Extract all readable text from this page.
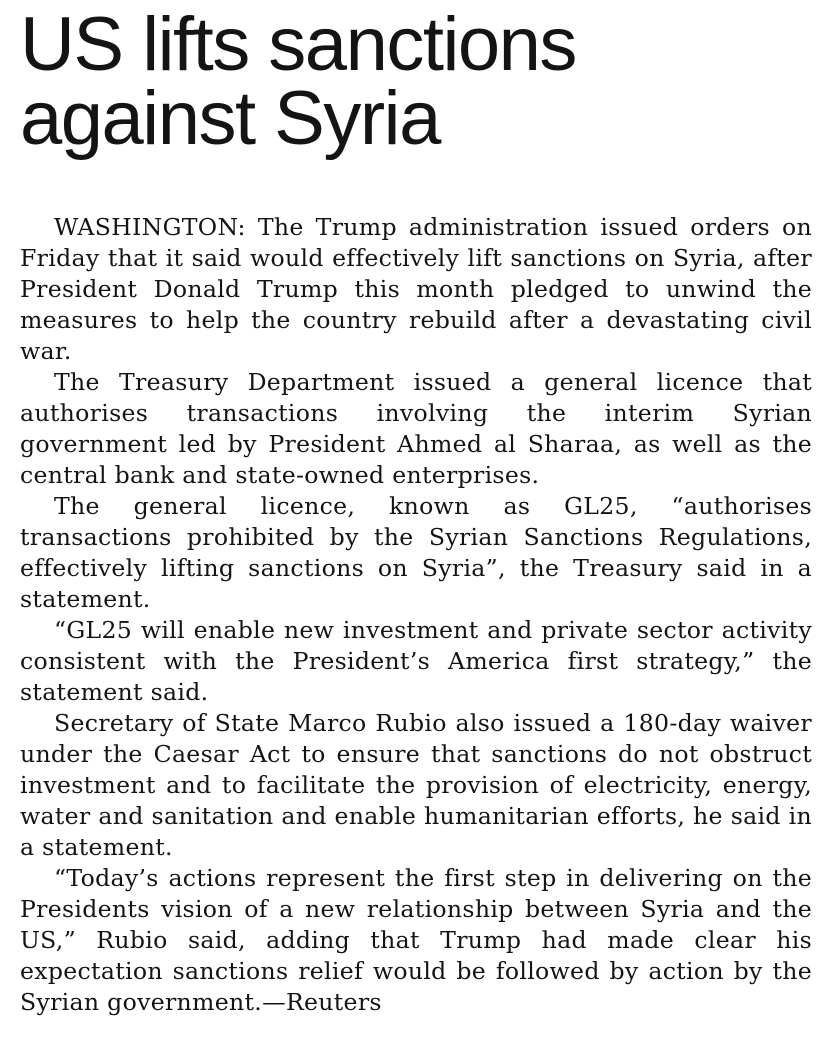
US lifts sanctions
against Syria

WASHINGTON: The Trump administration issued orders on Friday that it said would effectively lift sanctions on Syria, after President Donald Trump this month pledged to unwind the measures to help the country rebuild after a devastating civil war.

The Treasury Department issued a general licence that authorises transactions involving the interim Syrian government led by President Ahmed al Sharaa, as well as the central bank and state-owned enterprises.

The general licence, known as GL25, “authorises transactions prohibited by the Syrian Sanctions Regulations, effectively lifting sanctions on Syria”, the Treasury said in a statement.

“GL25 will enable new investment and private sector activity consistent with the President’s America first strategy,” the statement said.

Secretary of State Marco Rubio also issued a 180-day waiver under the Caesar Act to ensure that sanctions do not obstruct investment and to facilitate the provision of electricity, energy, water and sanitation and enable humanitarian efforts, he said in a statement.

“Today’s actions represent the first step in delivering on the Presidents vision of a new relationship between Syria and the US,” Rubio said, adding that Trump had made clear his expectation sanctions relief would be followed by action by the Syrian government.—Reuters
